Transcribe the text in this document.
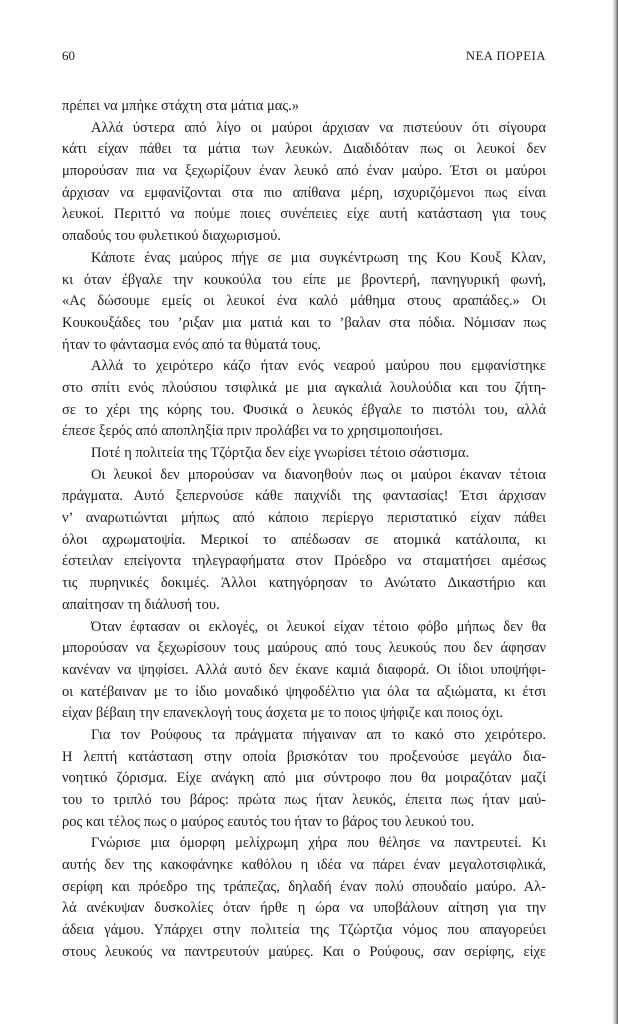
60	ΝΕΑ ΠΟΡΕΙΑ
πρέπει να μπήκε στάχτη στα μάτια μας.»
Αλλά ύστερα από λίγο οι μαύροι άρχισαν να πιστεύουν ότι σίγουρα
κάτι είχαν πάθει τα μάτια των λευκών. Διαδιδόταν πως οι λευκοί δεν
μπορούσαν πια να ξεχωρίζουν έναν λευκό από έναν μαύρο. Έτσι οι μαύροι
άρχισαν να εμφανίζονται στα πιο απίθανα μέρη, ισχυριζόμενοι πως είναι
λευκοί. Περιττό να πούμε ποιες συνέπειες είχε αυτή κατάσταση για τους
οπαδούς του φυλετικού διαχωρισμού.
Κάποτε ένας μαύρος πήγε σε μια συγκέντρωση της Κου Κουξ Κλαν,
κι όταν έβγαλε την κουκούλα του είπε με βροντερή, πανηγυρική φωνή,
«Ας δώσουμε εμείς οι λευκοί ένα καλό μάθημα στους αραπάδες.» Οι
Κουκουξάδες του ’ριξαν μια ματιά και το ’βαλαν στα πόδια. Νόμισαν πως
ήταν το φάντασμα ενός από τα θύματά τους.
Αλλά το χειρότερο κάζο ήταν ενός νεαρού μαύρου που εμφανίστηκε
στο σπίτι ενός πλούσιου τσιφλικά με μια αγκαλιά λουλούδια και του ζήτη-
σε το χέρι της κόρης του. Φυσικά ο λευκός έβγαλε το πιστόλι του, αλλά
έπεσε ξερός από αποπληξία πριν προλάβει να το χρησιμοποιήσει.
Ποτέ η πολιτεία της Τζόρτζια δεν είχε γνωρίσει τέτοιο σάστισμα.
Οι λευκοί δεν μπορούσαν να διανοηθούν πως οι μαύροι έκαναν τέτοια
πράγματα. Αυτό ξεπερνούσε κάθε παιχνίδι της φαντασίας! Έτσι άρχισαν
ν’ αναρωτιώνται μήπως από κάποιο περίεργο περιστατικό είχαν πάθει
όλοι αχρωματοψία. Μερικοί το απέδωσαν σε ατομικά κατάλοιπα, κι
έστειλαν επείγοντα τηλεγραφήματα στον Πρόεδρο να σταματήσει αμέσως
τις πυρηνικές δοκιμές. Άλλοι κατηγόρησαν το Ανώτατο Δικαστήριο και
απαίτησαν τη διάλυσή του.
Όταν έφτασαν οι εκλογές, οι λευκοί είχαν τέτοιο φόβο μήπως δεν θα
μπορούσαν να ξεχωρίσουν τους μαύρους από τους λευκούς που δεν άφησαν
κανέναν να ψηφίσει. Αλλά αυτό δεν έκανε καμιά διαφορά. Οι ίδιοι υποψήφι-
οι κατέβαιναν με το ίδιο μοναδικό ψηφοδέλτιο για όλα τα αξιώματα, κι έτσι
είχαν βέβαιη την επανεκλογή τους άσχετα με το ποιος ψήφιζε και ποιος όχι.
Για τον Ρούφους τα πράγματα πήγαιναν απ το κακό στο χειρότερο.
Η λεπτή κατάσταση στην οποία βρισκόταν του προξενούσε μεγάλο δια-
νοητικό ζόρισμα. Είχε ανάγκη από μια σύντροφο που θα μοιραζόταν μαζί
του το τριπλό του βάρος: πρώτα πως ήταν λευκός, έπειτα πως ήταν μαύ-
ρος και τέλος πως ο μαύρος εαυτός του ήταν το βάρος του λευκού του.
Γνώρισε μια όμορφη μελίχρωμη χήρα που θέλησε να παντρευτεί. Κι
αυτής δεν της κακοφάνηκε καθόλου η ιδέα να πάρει έναν μεγαλοτσιφλικά,
σερίφη και πρόεδρο της τράπεζας, δηλαδή έναν πολύ σπουδαίο μαύρο. Αλ-
λά ανέκυψαν δυσκολίες όταν ήρθε η ώρα να υποβάλουν αίτηση για την
άδεια γάμου. Υπάρχει στην πολιτεία της Τζώρτζια νόμος που απαγορεύει
στους λευκούς να παντρευτούν μαύρες. Και ο Ρούφους, σαν σερίφης, είχε
